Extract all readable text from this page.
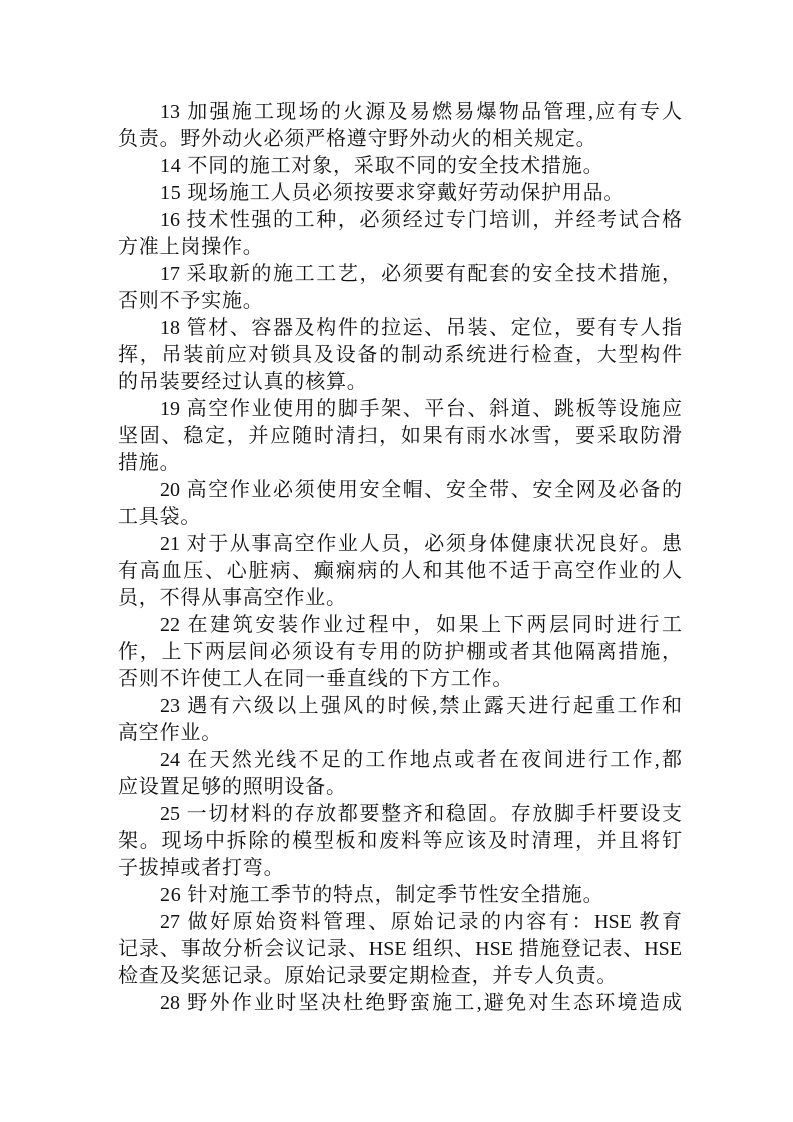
13 加强施工现场的火源及易燃易爆物品管理,应有专人
负责。野外动火必须严格遵守野外动火的相关规定。
14 不同的施工对象，采取不同的安全技术措施。
15 现场施工人员必须按要求穿戴好劳动保护用品。
16 技术性强的工种，必须经过专门培训，并经考试合格
方准上岗操作。
17 采取新的施工工艺，必须要有配套的安全技术措施，
否则不予实施。
18 管材、容器及构件的拉运、吊装、定位，要有专人指
挥，吊装前应对锁具及设备的制动系统进行检查，大型构件
的吊装要经过认真的核算。
19 高空作业使用的脚手架、平台、斜道、跳板等设施应
坚固、稳定，并应随时清扫，如果有雨水冰雪，要采取防滑
措施。
20 高空作业必须使用安全帽、安全带、安全网及必备的
工具袋。
21 对于从事高空作业人员，必须身体健康状况良好。患
有高血压、心脏病、癫痫病的人和其他不适于高空作业的人
员，不得从事高空作业。
22 在建筑安装作业过程中，如果上下两层同时进行工
作，上下两层间必须设有专用的防护棚或者其他隔离措施，
否则不许使工人在同一垂直线的下方工作。
23 遇有六级以上强风的时候,禁止露天进行起重工作和
高空作业。
24 在天然光线不足的工作地点或者在夜间进行工作,都
应设置足够的照明设备。
25 一切材料的存放都要整齐和稳固。存放脚手杆要设支
架。现场中拆除的模型板和废料等应该及时清理，并且将钉
子拔掉或者打弯。
26 针对施工季节的特点，制定季节性安全措施。
27 做好原始资料管理、原始记录的内容有：HSE 教育
记录、事故分析会议记录、HSE 组织、HSE 措施登记表、HSE
检查及奖惩记录。原始记录要定期检查，并专人负责。
28 野外作业时坚决杜绝野蛮施工,避免对生态环境造成
